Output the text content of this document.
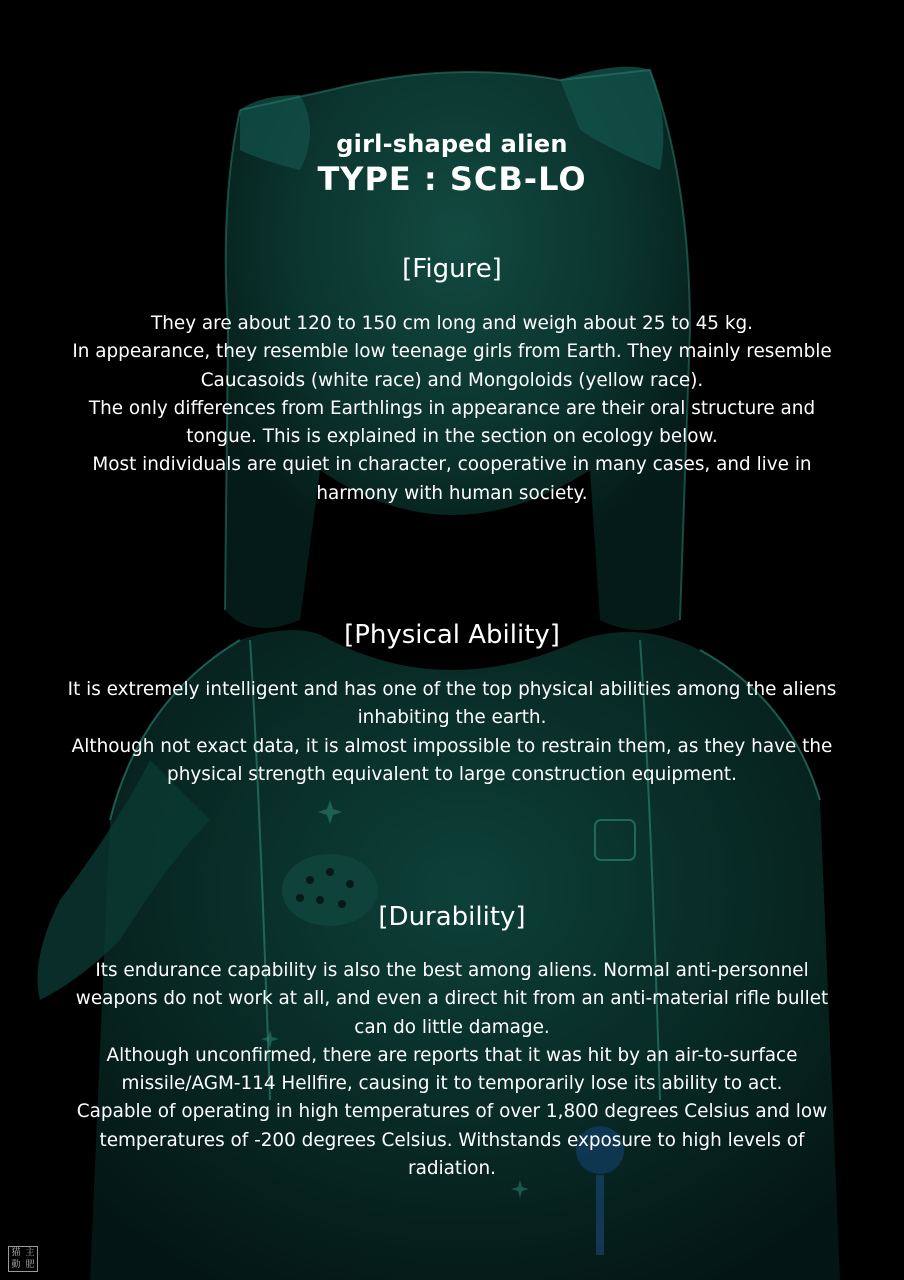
girl-shaped alien
TYPE : SCB-LO
[Figure]
They are about 120 to 150 cm long and weigh about 25 to 45 kg.
In appearance, they resemble low teenage girls from Earth. They mainly resemble
Caucasoids (white race) and Mongoloids (yellow race).
The only differences from Earthlings in appearance are their oral structure and
tongue. This is explained in the section on ecology below.
Most individuals are quiet in character, cooperative in many cases, and live in
harmony with human society.
[Physical Ability]
It is extremely intelligent and has one of the top physical abilities among the aliens
inhabiting the earth.
Although not exact data, it is almost impossible to restrain them, as they have the
physical strength equivalent to large construction equipment.
[Durability]
Its endurance capability is also the best among aliens. Normal anti-personnel
weapons do not work at all, and even a direct hit from an anti-material rifle bullet
can do little damage.
Although unconfirmed, there are reports that it was hit by an air-to-surface
missile/AGM-114 Hellfire, causing it to temporarily lose its ability to act.
Capable of operating in high temperatures of over 1,800 degrees Celsius and low
temperatures of -200 degrees Celsius. Withstands exposure to high levels of
radiation.
猫 主
動 肥
